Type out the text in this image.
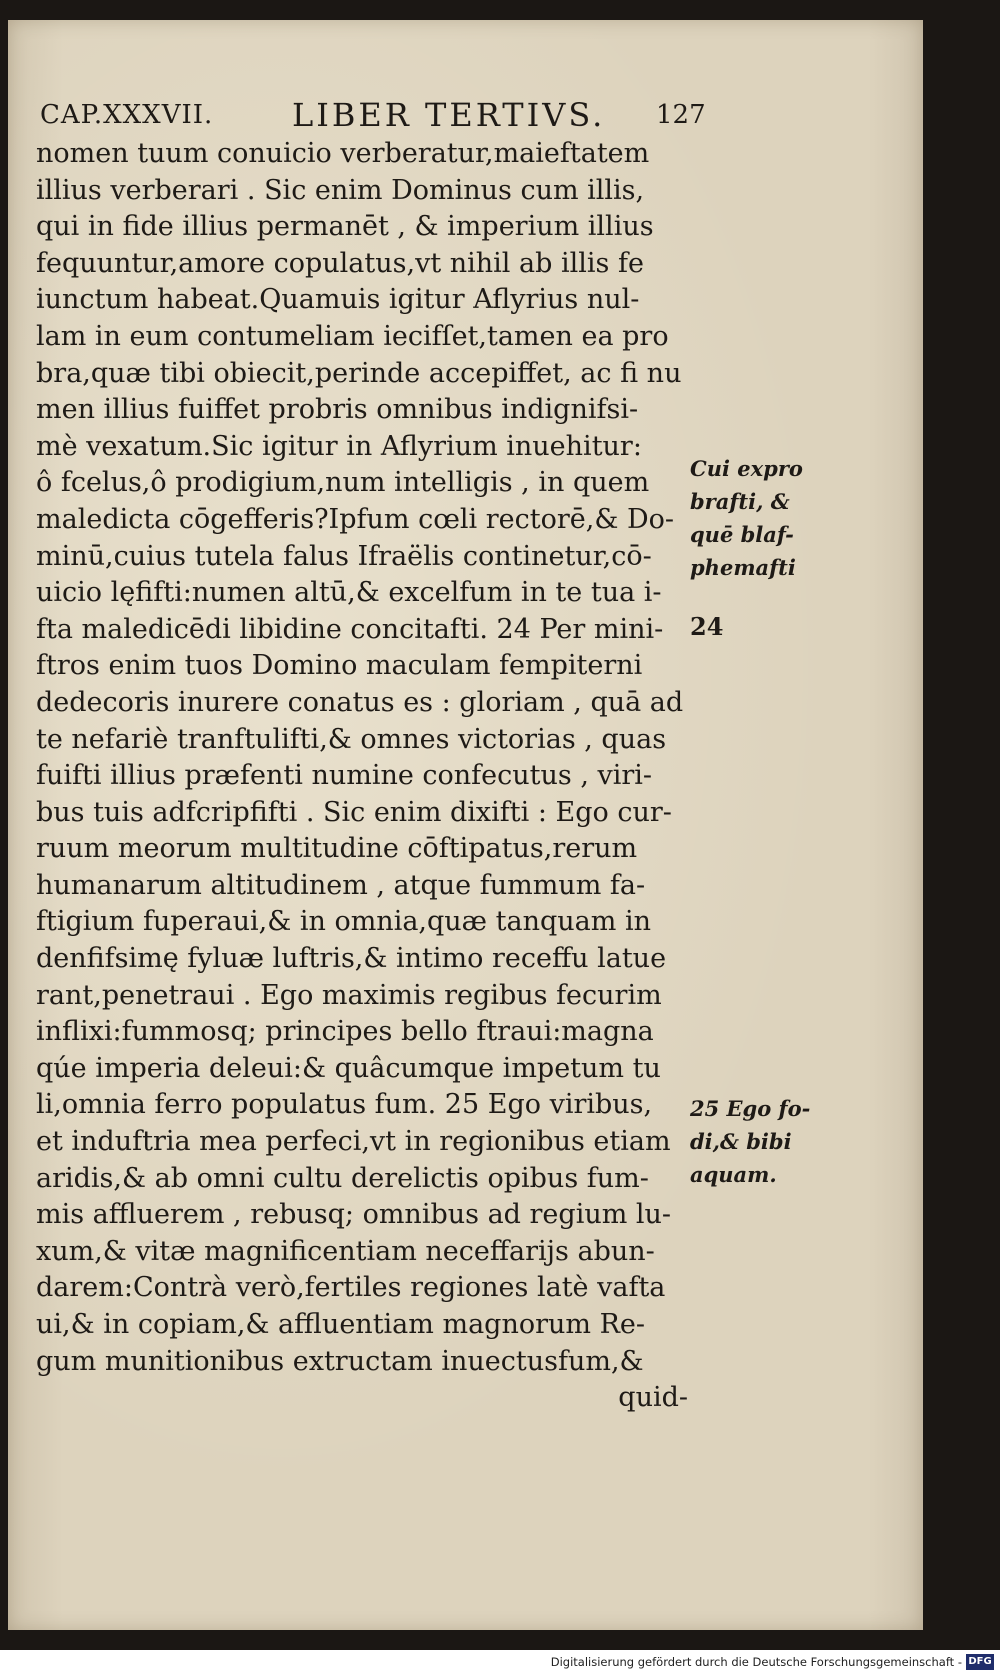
CAP.XXXVII. LIBER TERTIVS. 127
nomen tuum conuicio verberatur,maieftatem
illius verberari . Sic enim Dominus cum illis,
qui in fide illius permanēt , & imperium illius
fequuntur,amore copulatus,vt nihil ab illis fe
iunctum habeat.Quamuis igitur Aflyrius nul-
lam in eum contumeliam iecifſet,tamen ea pro
bra,quæ tibi obiecit,perinde accepiffet, ac fi nu
men illius fuiffet probris omnibus indignifsi-
mè vexatum.Sic igitur in Aflyrium inuehitur:
ô fcelus,ô prodigium,num intelligis , in quem
maledicta cōgefferis?Ipfum cœli rectorē,& Do-
minū,cuius tutela falus Ifraëlis continetur,cō-
uicio lęfifti:numen altū,& excelfum in te tua i-
fta maledicēdi libidine concitafti. 24 Per mini-
ftros enim tuos Domino maculam fempiterni
dedecoris inurere conatus es : gloriam , quā ad
te nefariè tranftulifti,& omnes victorias , quas
fuifti illius præfenti numine confecutus , viri-
bus tuis adfcripfifti . Sic enim dixifti : Ego cur-
ruum meorum multitudine cōftipatus,rerum
humanarum altitudinem , atque fummum fa-
ftigium fuperaui,& in omnia,quæ tanquam in
denfifsimę fyluæ luftris,& intimo receffu latue
rant,penetraui . Ego maximis regibus fecurim
inflixi:fummosq; principes bello ftraui:magna
qúe imperia deleui:& quâcumque impetum tu
li,omnia ferro populatus fum. 25 Ego viribus,
et induftria mea perfeci,vt in regionibus etiam
aridis,& ab omni cultu derelictis opibus fum-
mis affluerem , rebusq; omnibus ad regium lu-
xum,& vitæ magnificentiam neceffarijs abun-
darem:Contrà verò,fertiles regiones latè vafta
ui,& in copiam,& affluentiam magnorum Re-
gum munitionibus extructam inuectusfum,&
quid-
Cui expro
brafti, &
quē blaf-
phemafti
24
25 Ego fo-
di,& bibi
aquam.
Digitalisierung gefördert durch die Deutsche Forschungsgemeinschaft - DFG
